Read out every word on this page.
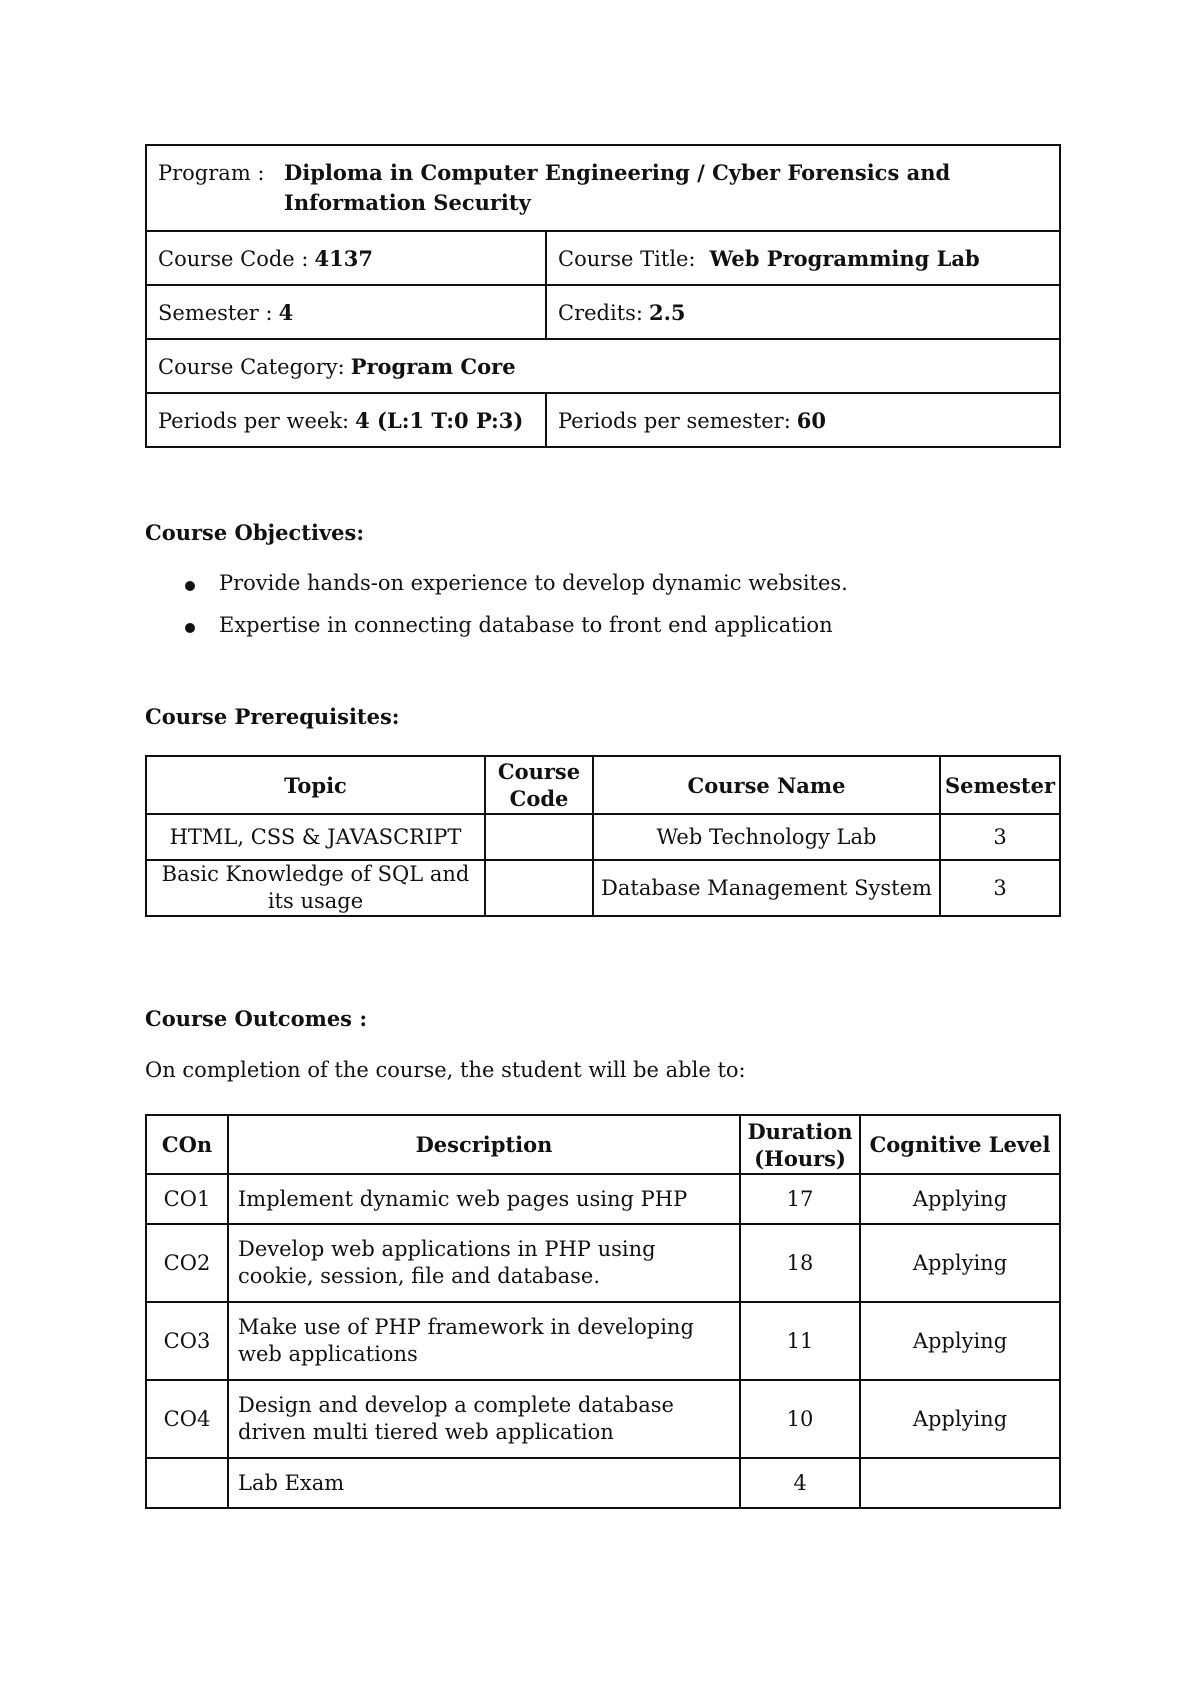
Program : Diploma in Computer Engineering / Cyber Forensics and Information Security	

Course Code : 4137	Course Title: Web Programming Lab
Semester : 4	Credits: 2.5
Course Category: Program Core	
Periods per week: 4 (L:1 T:0 P:3)	Periods per semester: 60
Course Objectives:
Provide hands-on experience to develop dynamic websites.
Expertise in connecting database to front end application
Course Prerequisites:
Topic	Course Code	Course Name	Semester
HTML, CSS & JAVASCRIPT		Web Technology Lab	3
Basic Knowledge of SQL and its usage		Database Management System	3
Course Outcomes :
On completion of the course, the student will be able to:
COn	Description	Duration (Hours)	Cognitive Level
CO1	Implement dynamic web pages using PHP	17	Applying
CO2	Develop web applications in PHP using cookie, session, file and database.	18	Applying
CO3	Make use of PHP framework in developing web applications	11	Applying
CO4	Design and develop a complete database driven multi tiered web application	10	Applying
	Lab Exam	4	
